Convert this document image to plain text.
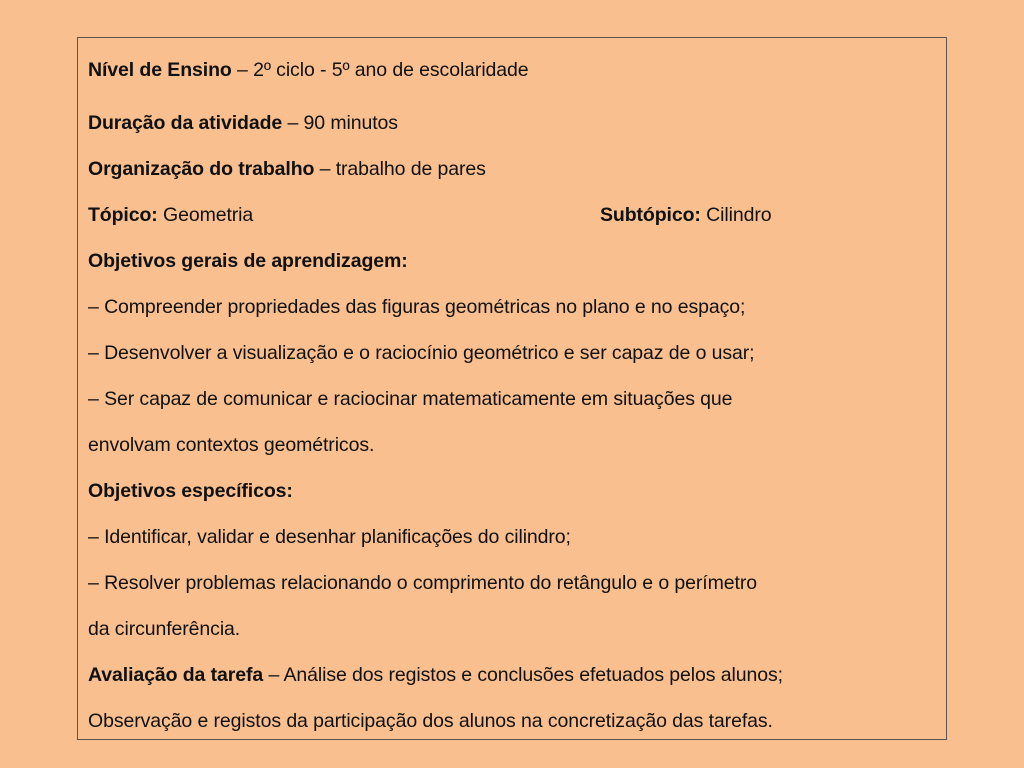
Nível de Ensino – 2º ciclo - 5º ano de escolaridade
Duração da atividade – 90 minutos
Organização do trabalho – trabalho de pares
Tópico: Geometria	Subtópico: Cilindro
Objetivos gerais de aprendizagem:
– Compreender propriedades das figuras geométricas no plano e no espaço;
– Desenvolver a visualização e o raciocínio geométrico e ser capaz de o usar;
– Ser capaz de comunicar e raciocinar matematicamente em situações que
envolvam contextos geométricos.
Objetivos específicos:
– Identificar, validar e desenhar planificações do cilindro;
– Resolver problemas relacionando o comprimento do retângulo e o perímetro
da circunferência.
Avaliação da tarefa – Análise dos registos e conclusões efetuados pelos alunos;
Observação e registos da participação dos alunos na concretização das tarefas.
